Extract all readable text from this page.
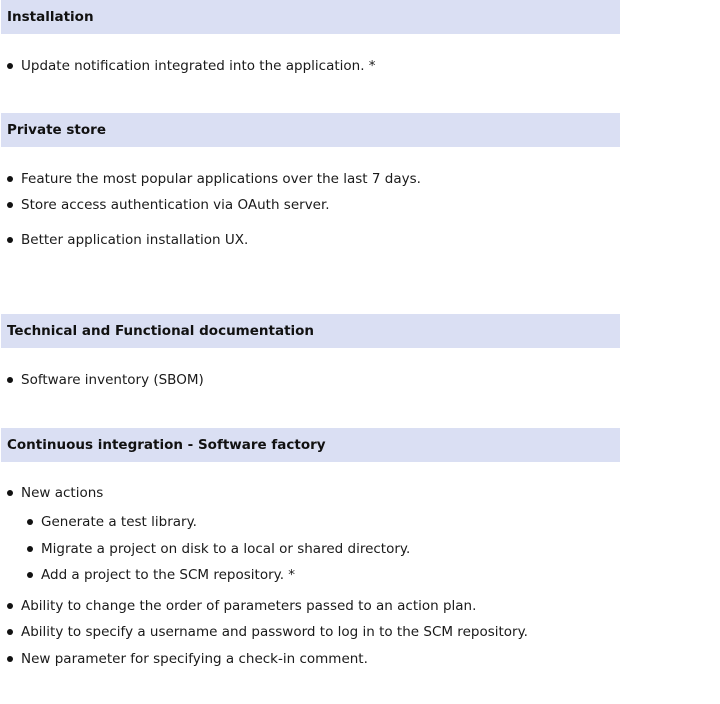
Installation
Update notification integrated into the application. *
Private store
Feature the most popular applications over the last 7 days.
Store access authentication via OAuth server.
Better application installation UX.
Technical and Functional documentation
Software inventory (SBOM)
Continuous integration - Software factory
New actions
Generate a test library.
Migrate a project on disk to a local or shared directory.
Add a project to the SCM repository. *
Ability to change the order of parameters passed to an action plan.
Ability to specify a username and password to log in to the SCM repository.
New parameter for specifying a check-in comment.
